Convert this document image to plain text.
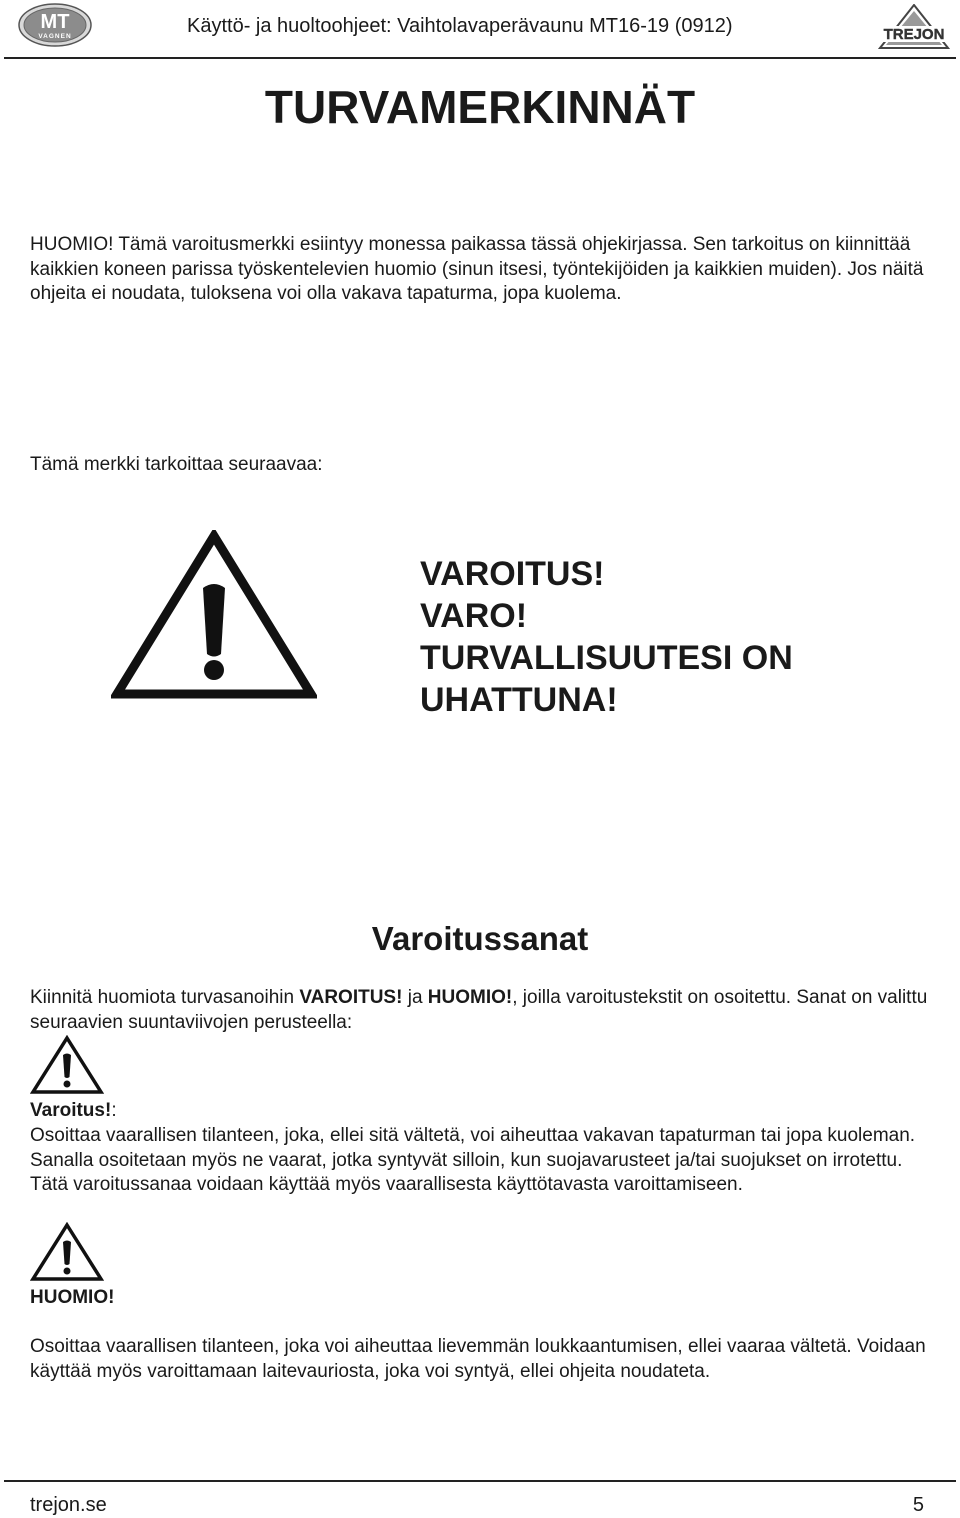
MT
VAGNEN	Käyttö- ja huoltoohjeet: Vaihtolavaperävaunu MT16-19 (0912)	TREJON
TURVAMERKINNÄT

HUOMIO! Tämä varoitusmerkki esiintyy monessa paikassa tässä ohjekirjassa. Sen tarkoitus on kiinnittää kaikkien koneen parissa työskentelevien huomio (sinun itsesi, työntekijöiden ja kaikkien muiden). Jos näitä ohjeita ei noudata, tuloksena voi olla vakava tapaturma, jopa kuolema.

Tämä merkki tarkoittaa seuraavaa:

VAROITUS!
VARO!
TURVALLISUUTESI ON
UHATTUNA!
Varoitussanat

Kiinnitä huomiota turvasanoihin VAROITUS! ja HUOMIO!, joilla varoitustekstit on osoitettu. Sanat on valittu seuraavien suuntaviivojen perusteella:

Varoitus!:

Osoittaa vaarallisen tilanteen, joka, ellei sitä vältetä, voi aiheuttaa vakavan tapaturman tai jopa kuoleman. Sanalla osoitetaan myös ne vaarat, jotka syntyvät silloin, kun suojavarusteet ja/tai suojukset on irrotettu. Tätä varoitussanaa voidaan käyttää myös vaarallisesta käyttötavasta varoittamiseen.

HUOMIO!

Osoittaa vaarallisen tilanteen, joka voi aiheuttaa lievemmän loukkaantumisen, ellei vaaraa vältetä. Voidaan käyttää myös varoittamaan laitevauriosta, joka voi syntyä, ellei ohjeita noudateta.

trejon.se	5
